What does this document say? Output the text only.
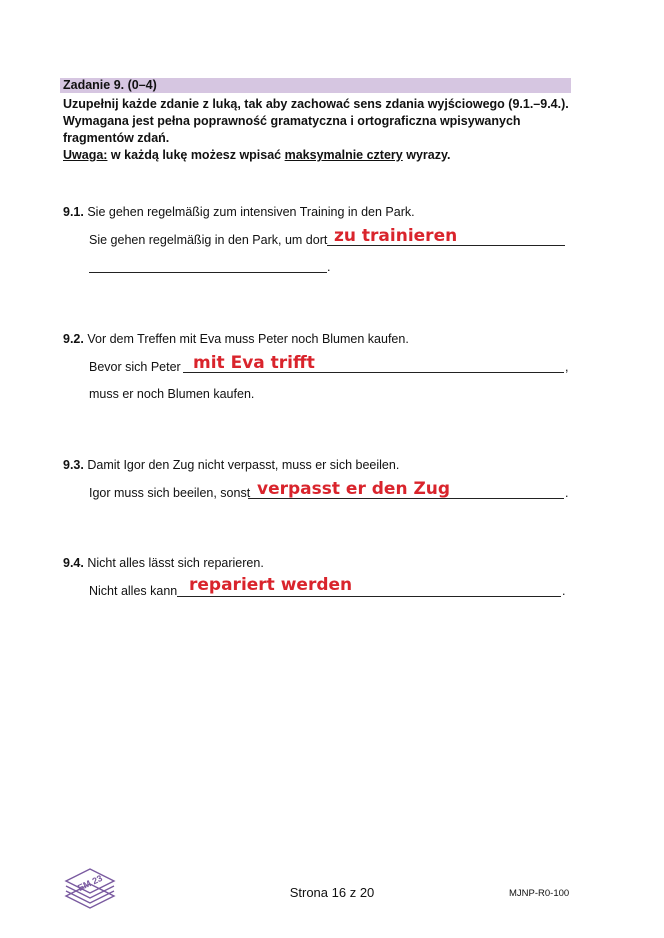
Zadanie 9. (0–4)
Uzupełnij każde zdanie z luką, tak aby zachować sens zdania wyjściowego (9.1.–9.4.).
Wymagana jest pełna poprawność gramatyczna i ortograficzna wpisywanych
fragmentów zdań.
Uwaga: w każdą lukę możesz wpisać maksymalnie cztery wyrazy.
9.1. Sie gehen regelmäßig zum intensiven Training in den Park.
Sie gehen regelmäßig in den Park, um dort zu trainieren
.
9.2. Vor dem Treffen mit Eva muss Peter noch Blumen kaufen.
Bevor sich Peter mit Eva trifft	,
muss er noch Blumen kaufen.
9.3. Damit Igor den Zug nicht verpasst, muss er sich beeilen.
Igor muss sich beeilen, sonst verpasst er den Zug	.
9.4. Nicht alles lässt sich reparieren.
Nicht alles kann repariert werden	.
EM 23	Strona 16 z 20	MJNP-R0-100
